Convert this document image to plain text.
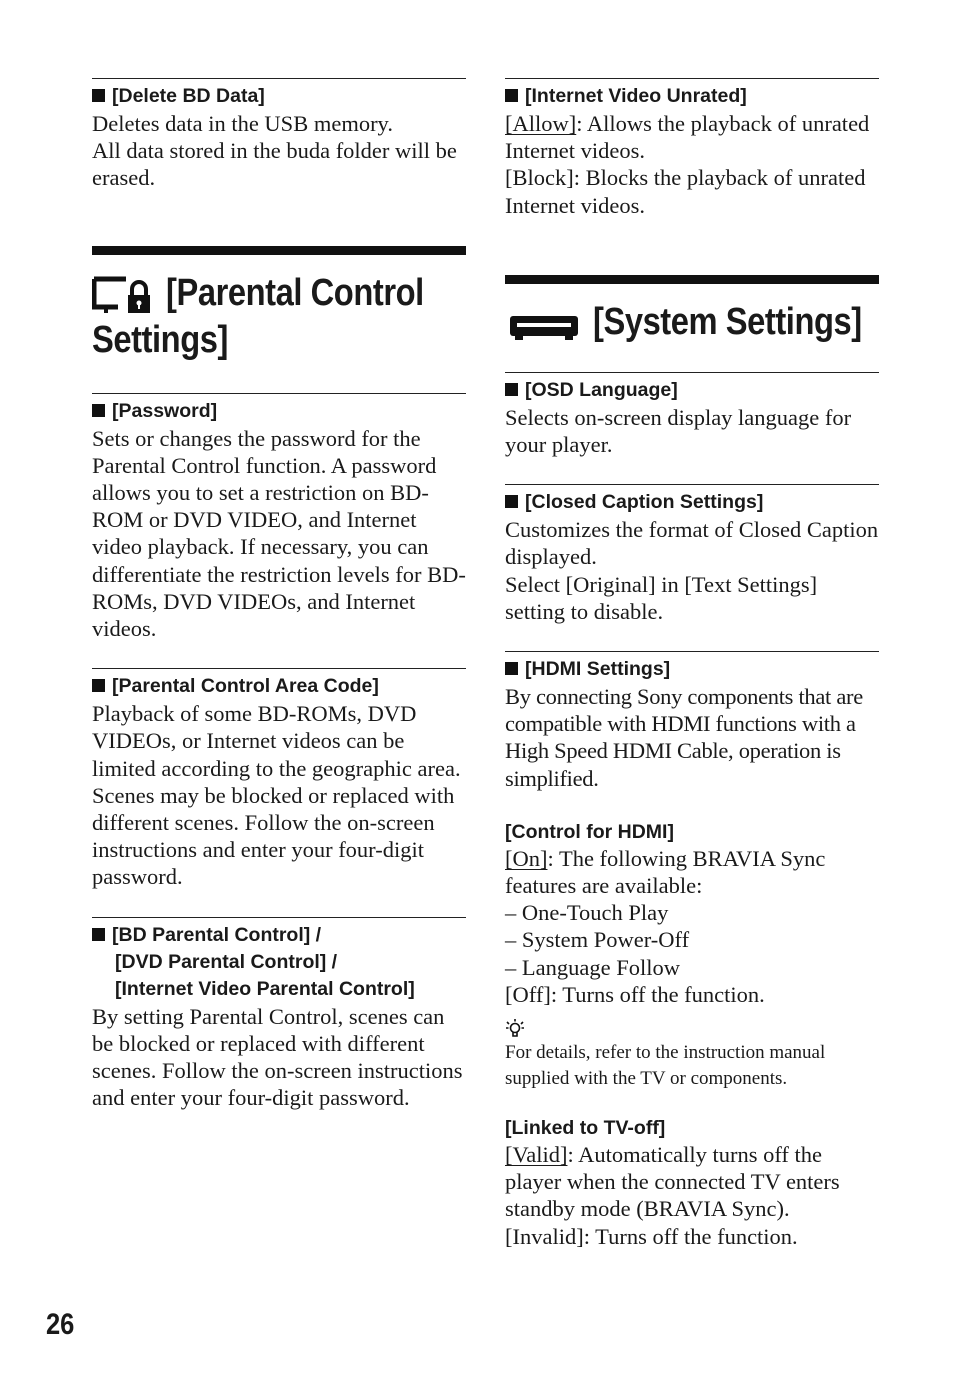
[Delete BD Data]

Deletes data in the USB memory.

All data stored in the buda folder will be erased.

[Parental Control
Settings]
[Password]

Sets or changes the password for the Parental Control function. A password allows you to set a restriction on BD-ROM or DVD VIDEO, and Internet video playback. If necessary, you can differentiate the restriction levels for BD-ROMs, DVD VIDEOs, and Internet videos.

[Parental Control Area Code]

Playback of some BD-ROMs, DVD VIDEOs, or Internet videos can be limited according to the geographic area. Scenes may be blocked or replaced with different scenes. Follow the on-screen instructions and enter your four-digit password.

[BD Parental Control] /
[DVD Parental Control] /
[Internet Video Parental Control]

By setting Parental Control, scenes can be blocked or replaced with different scenes. Follow the on-screen instructions and enter your four-digit password.

[Internet Video Unrated]

[Allow]: Allows the playback of unrated Internet videos.

[Block]: Blocks the playback of unrated Internet videos.

[System Settings]
[OSD Language]

Selects on-screen display language for your player.

[Closed Caption Settings]

Customizes the format of Closed Caption displayed.

Select [Original] in [Text Settings] setting to disable.

[HDMI Settings]

By connecting Sony components that are compatible with HDMI functions with a High Speed HDMI Cable, operation is simplified.

[Control for HDMI]

[On]: The following BRAVIA Sync features are available:

– One-Touch Play
– System Power-Off
– Language Follow

[Off]: Turns off the function.

For details, refer to the instruction manual supplied with the TV or components.

[Linked to TV-off]

[Valid]: Automatically turns off the player when the connected TV enters standby mode (BRAVIA Sync).

[Invalid]: Turns off the function.

26
